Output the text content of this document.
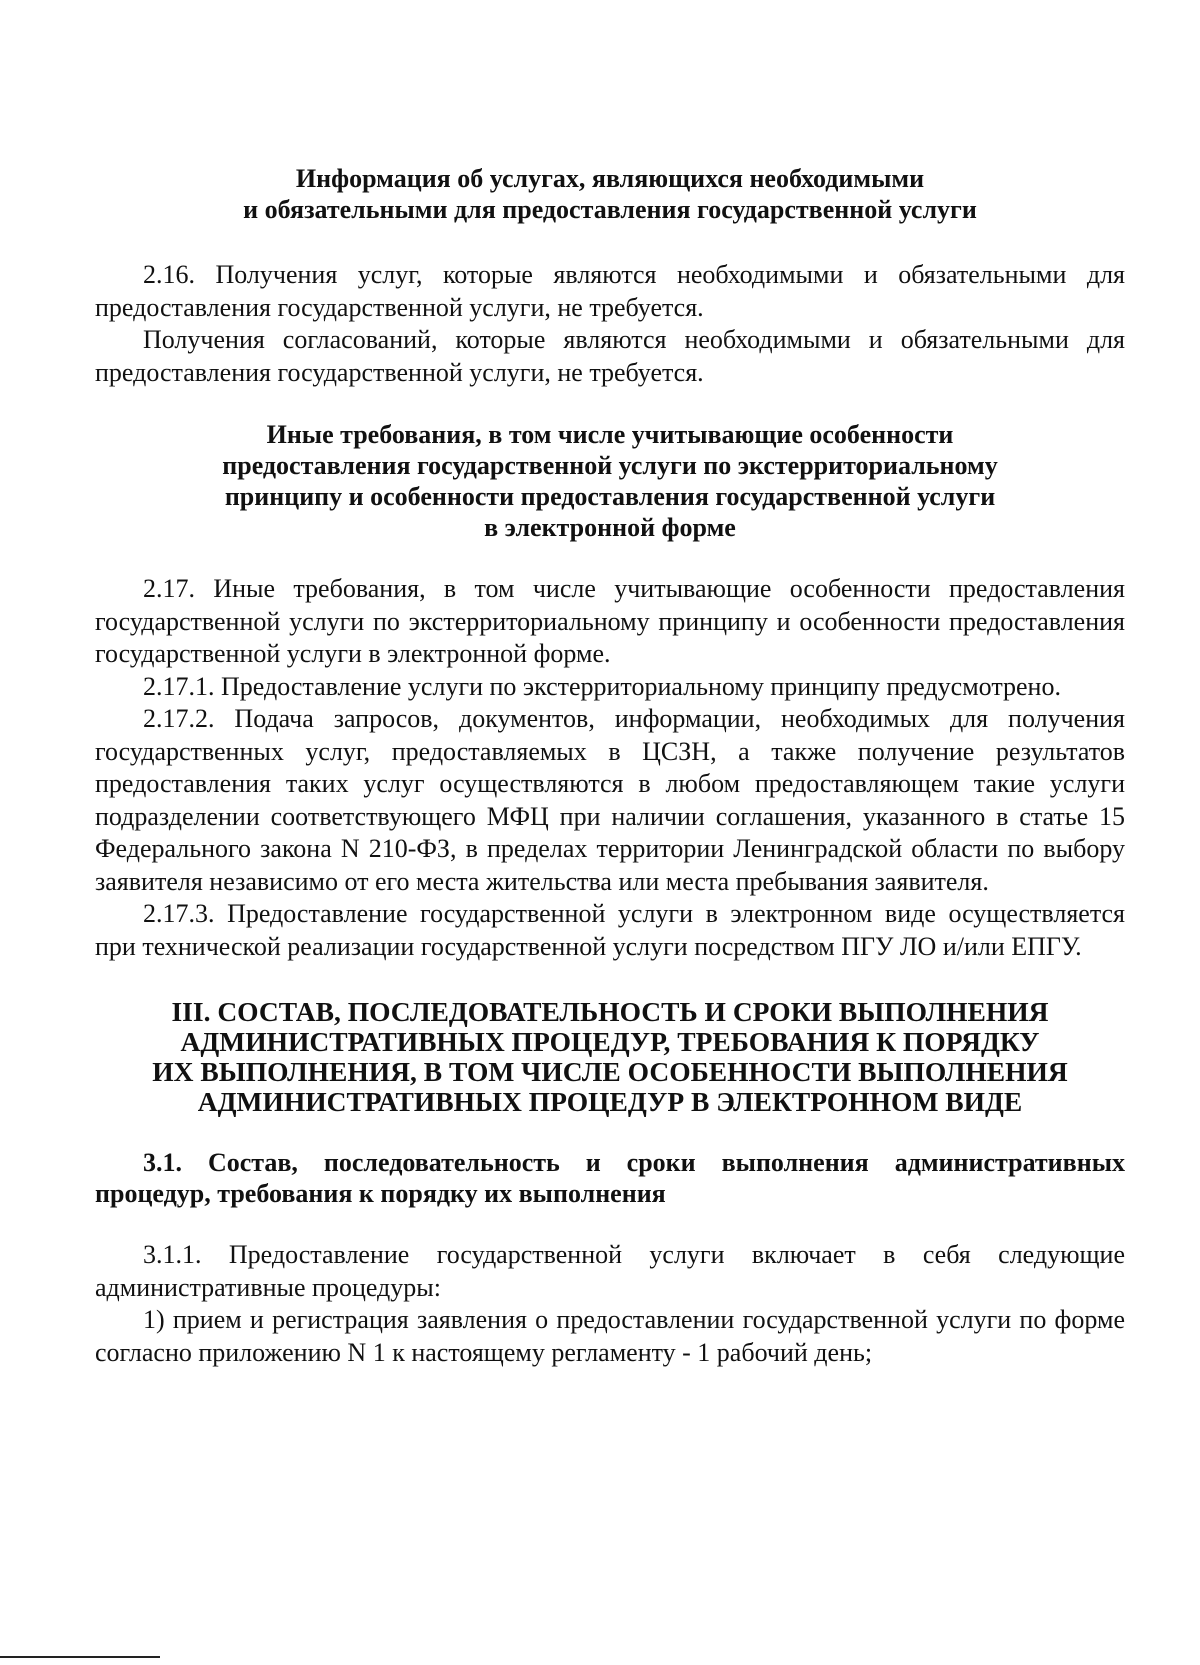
Информация об услугах, являющихся необходимыми
и обязательными для предоставления государственной услуги

2.16. Получения услуг, которые являются необходимыми и обязательными для предоставления государственной услуги, не требуется.

Получения согласований, которые являются необходимыми и обязательными для предоставления государственной услуги, не требуется.

Иные требования, в том числе учитывающие особенности
предоставления государственной услуги по экстерриториальному
принципу и особенности предоставления государственной услуги
в электронной форме

2.17. Иные требования, в том числе учитывающие особенности предоставления государственной услуги по экстерриториальному принципу и особенности предоставления государственной услуги в электронной форме.

2.17.1. Предоставление услуги по экстерриториальному принципу предусмотрено.

2.17.2. Подача запросов, документов, информации, необходимых для получения государственных услуг, предоставляемых в ЦСЗН, а также получение результатов предоставления таких услуг осуществляются в любом предоставляющем такие услуги подразделении соответствующего МФЦ при наличии соглашения, указанного в статье 15 Федерального закона N 210-ФЗ, в пределах территории Ленинградской области по выбору заявителя независимо от его места жительства или места пребывания заявителя.

2.17.3. Предоставление государственной услуги в электронном виде осуществляется при технической реализации государственной услуги посредством ПГУ ЛО и/или ЕПГУ.

III. СОСТАВ, ПОСЛЕДОВАТЕЛЬНОСТЬ И СРОКИ ВЫПОЛНЕНИЯ
АДМИНИСТРАТИВНЫХ ПРОЦЕДУР, ТРЕБОВАНИЯ К ПОРЯДКУ
ИХ ВЫПОЛНЕНИЯ, В ТОМ ЧИСЛЕ ОСОБЕННОСТИ ВЫПОЛНЕНИЯ
АДМИНИСТРАТИВНЫХ ПРОЦЕДУР В ЭЛЕКТРОННОМ ВИДЕ

3.1. Состав, последовательность и сроки выполнения административных процедур, требования к порядку их выполнения

3.1.1. Предоставление государственной услуги включает в себя следующие административные процедуры:

1) прием и регистрация заявления о предоставлении государственной услуги по форме согласно приложению N 1 к настоящему регламенту - 1 рабочий день;
